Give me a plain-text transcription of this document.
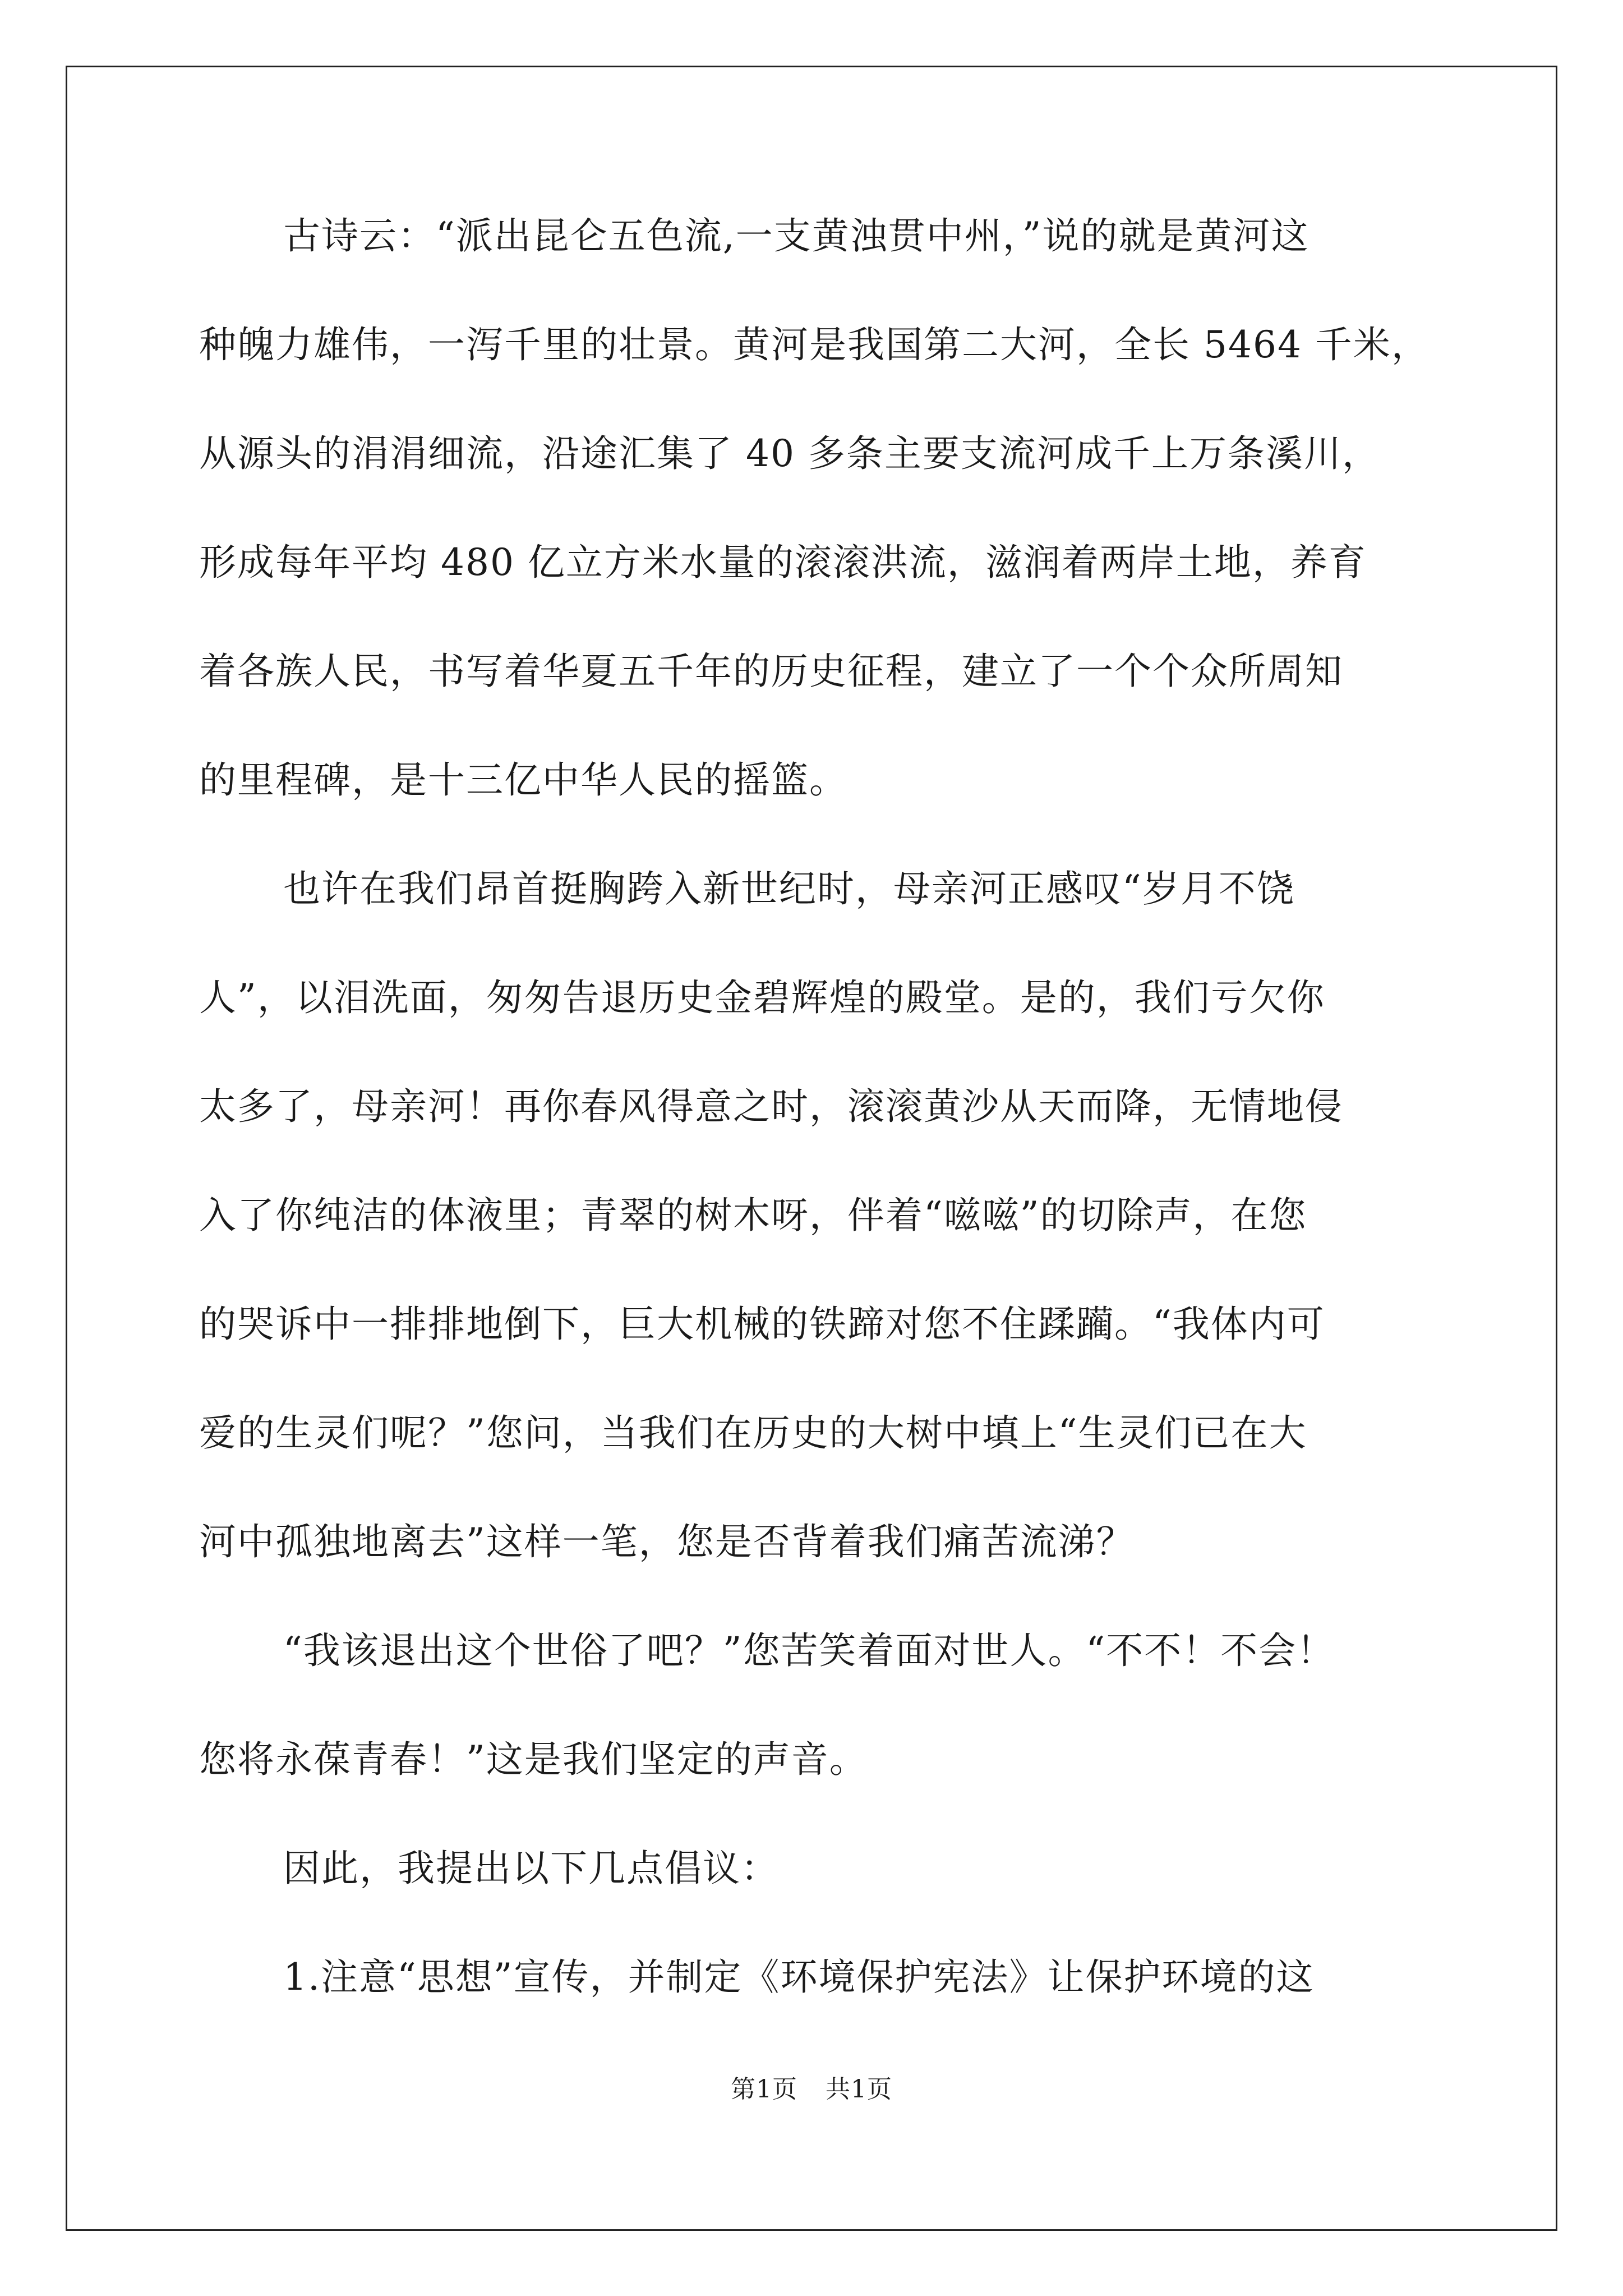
古诗云：“派出昆仑五色流,一支黄浊贯中州，”说的就是黄河这
种魄力雄伟，一泻千里的壮景。黄河是我国第二大河，全长 5464 千米，
从源头的涓涓细流，沿途汇集了 40 多条主要支流河成千上万条溪川，
形成每年平均 480 亿立方米水量的滚滚洪流，滋润着两岸土地，养育
着各族人民，书写着华夏五千年的历史征程，建立了一个个众所周知
的里程碑，是十三亿中华人民的摇篮。
也许在我们昂首挺胸跨入新世纪时，母亲河正感叹“岁月不饶
人”，以泪洗面，匆匆告退历史金碧辉煌的殿堂。是的，我们亏欠你
太多了，母亲河！再你春风得意之时，滚滚黄沙从天而降，无情地侵
入了你纯洁的体液里；青翠的树木呀，伴着“嗞嗞”的切除声，在您
的哭诉中一排排地倒下，巨大机械的铁蹄对您不住蹂躏。“我体内可
爱的生灵们呢？”您问，当我们在历史的大树中填上“生灵们已在大
河中孤独地离去”这样一笔，您是否背着我们痛苦流涕？
“我该退出这个世俗了吧？”您苦笑着面对世人。“不不！不会！
您将永葆青春！”这是我们坚定的声音。
因此，我提出以下几点倡议：
1.注意“思想”宣传，并制定《环境保护宪法》让保护环境的这
第1页 共1页
